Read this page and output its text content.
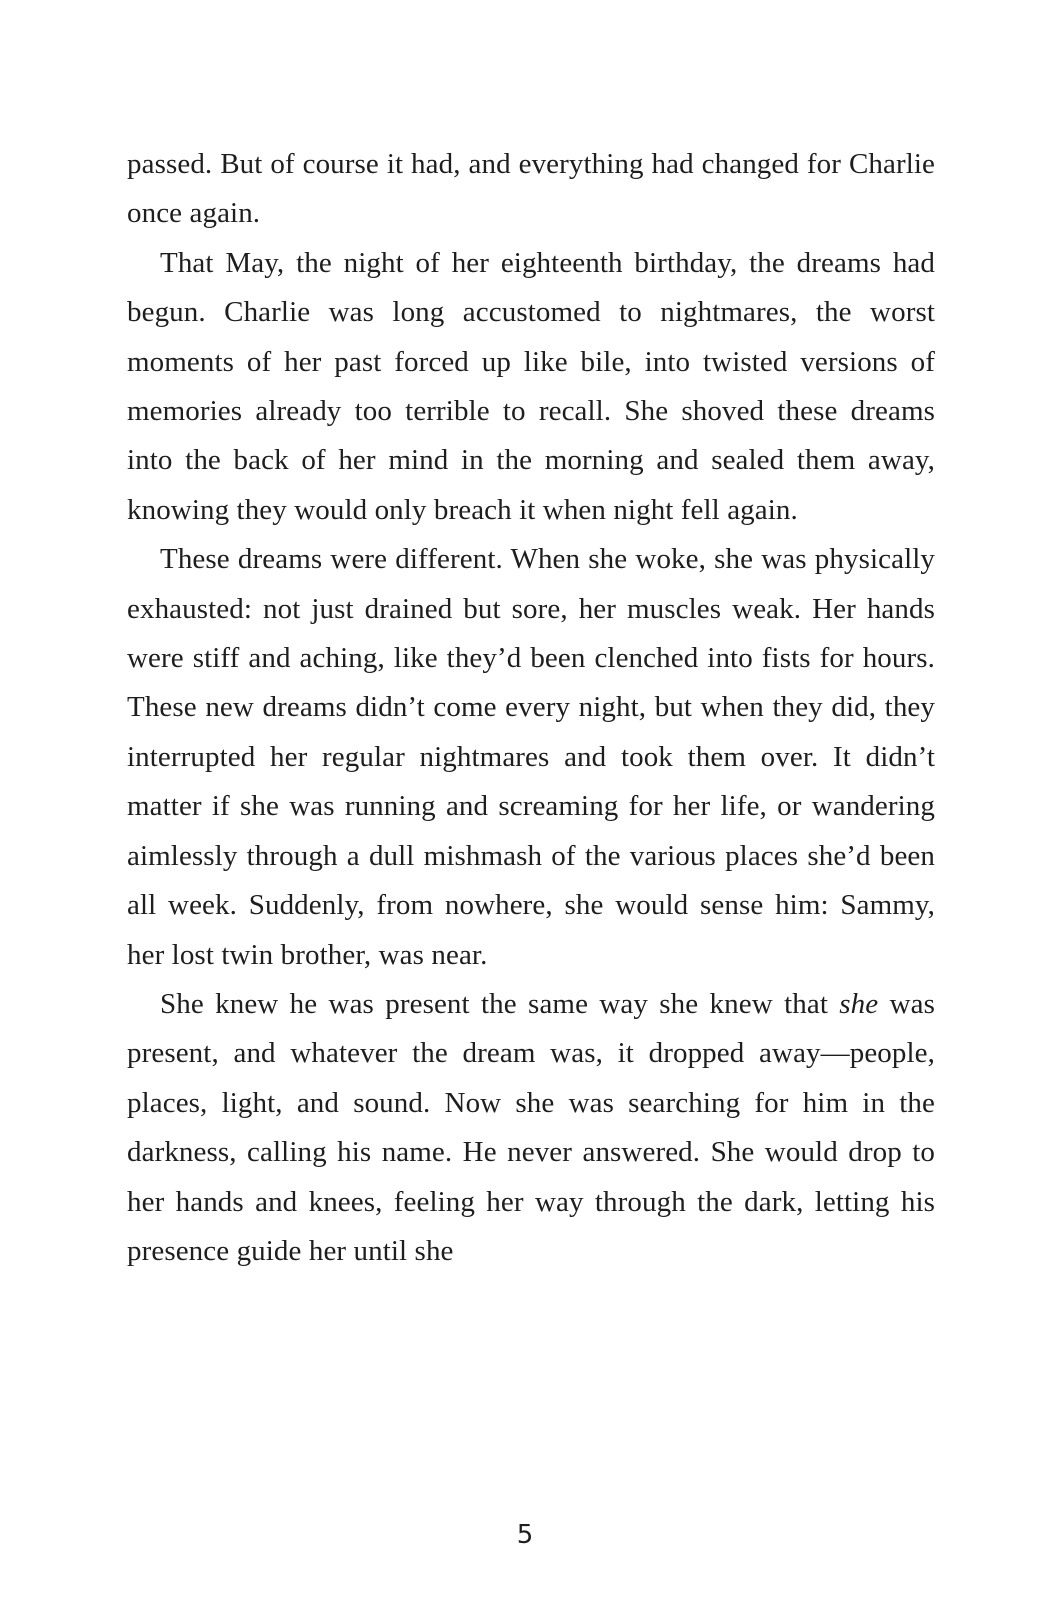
passed. But of course it had, and everything had changed for Charlie once again.

That May, the night of her eighteenth birthday, the dreams had begun. Charlie was long accustomed to nightmares, the worst moments of her past forced up like bile, into twisted versions of memories already too terrible to recall. She shoved these dreams into the back of her mind in the morning and sealed them away, knowing they would only breach it when night fell again.

These dreams were different. When she woke, she was physically exhausted: not just drained but sore, her muscles weak. Her hands were stiff and aching, like they’d been clenched into fists for hours. These new dreams didn’t come every night, but when they did, they interrupted her regular nightmares and took them over. It didn’t matter if she was running and screaming for her life, or wandering aimlessly through a dull mishmash of the various places she’d been all week. Suddenly, from nowhere, she would sense him: Sammy, her lost twin brother, was near.

She knew he was present the same way she knew that she was present, and whatever the dream was, it dropped away—people, places, light, and sound. Now she was searching for him in the darkness, calling his name. He never answered. She would drop to her hands and knees, feeling her way through the dark, letting his presence guide her until she

5
